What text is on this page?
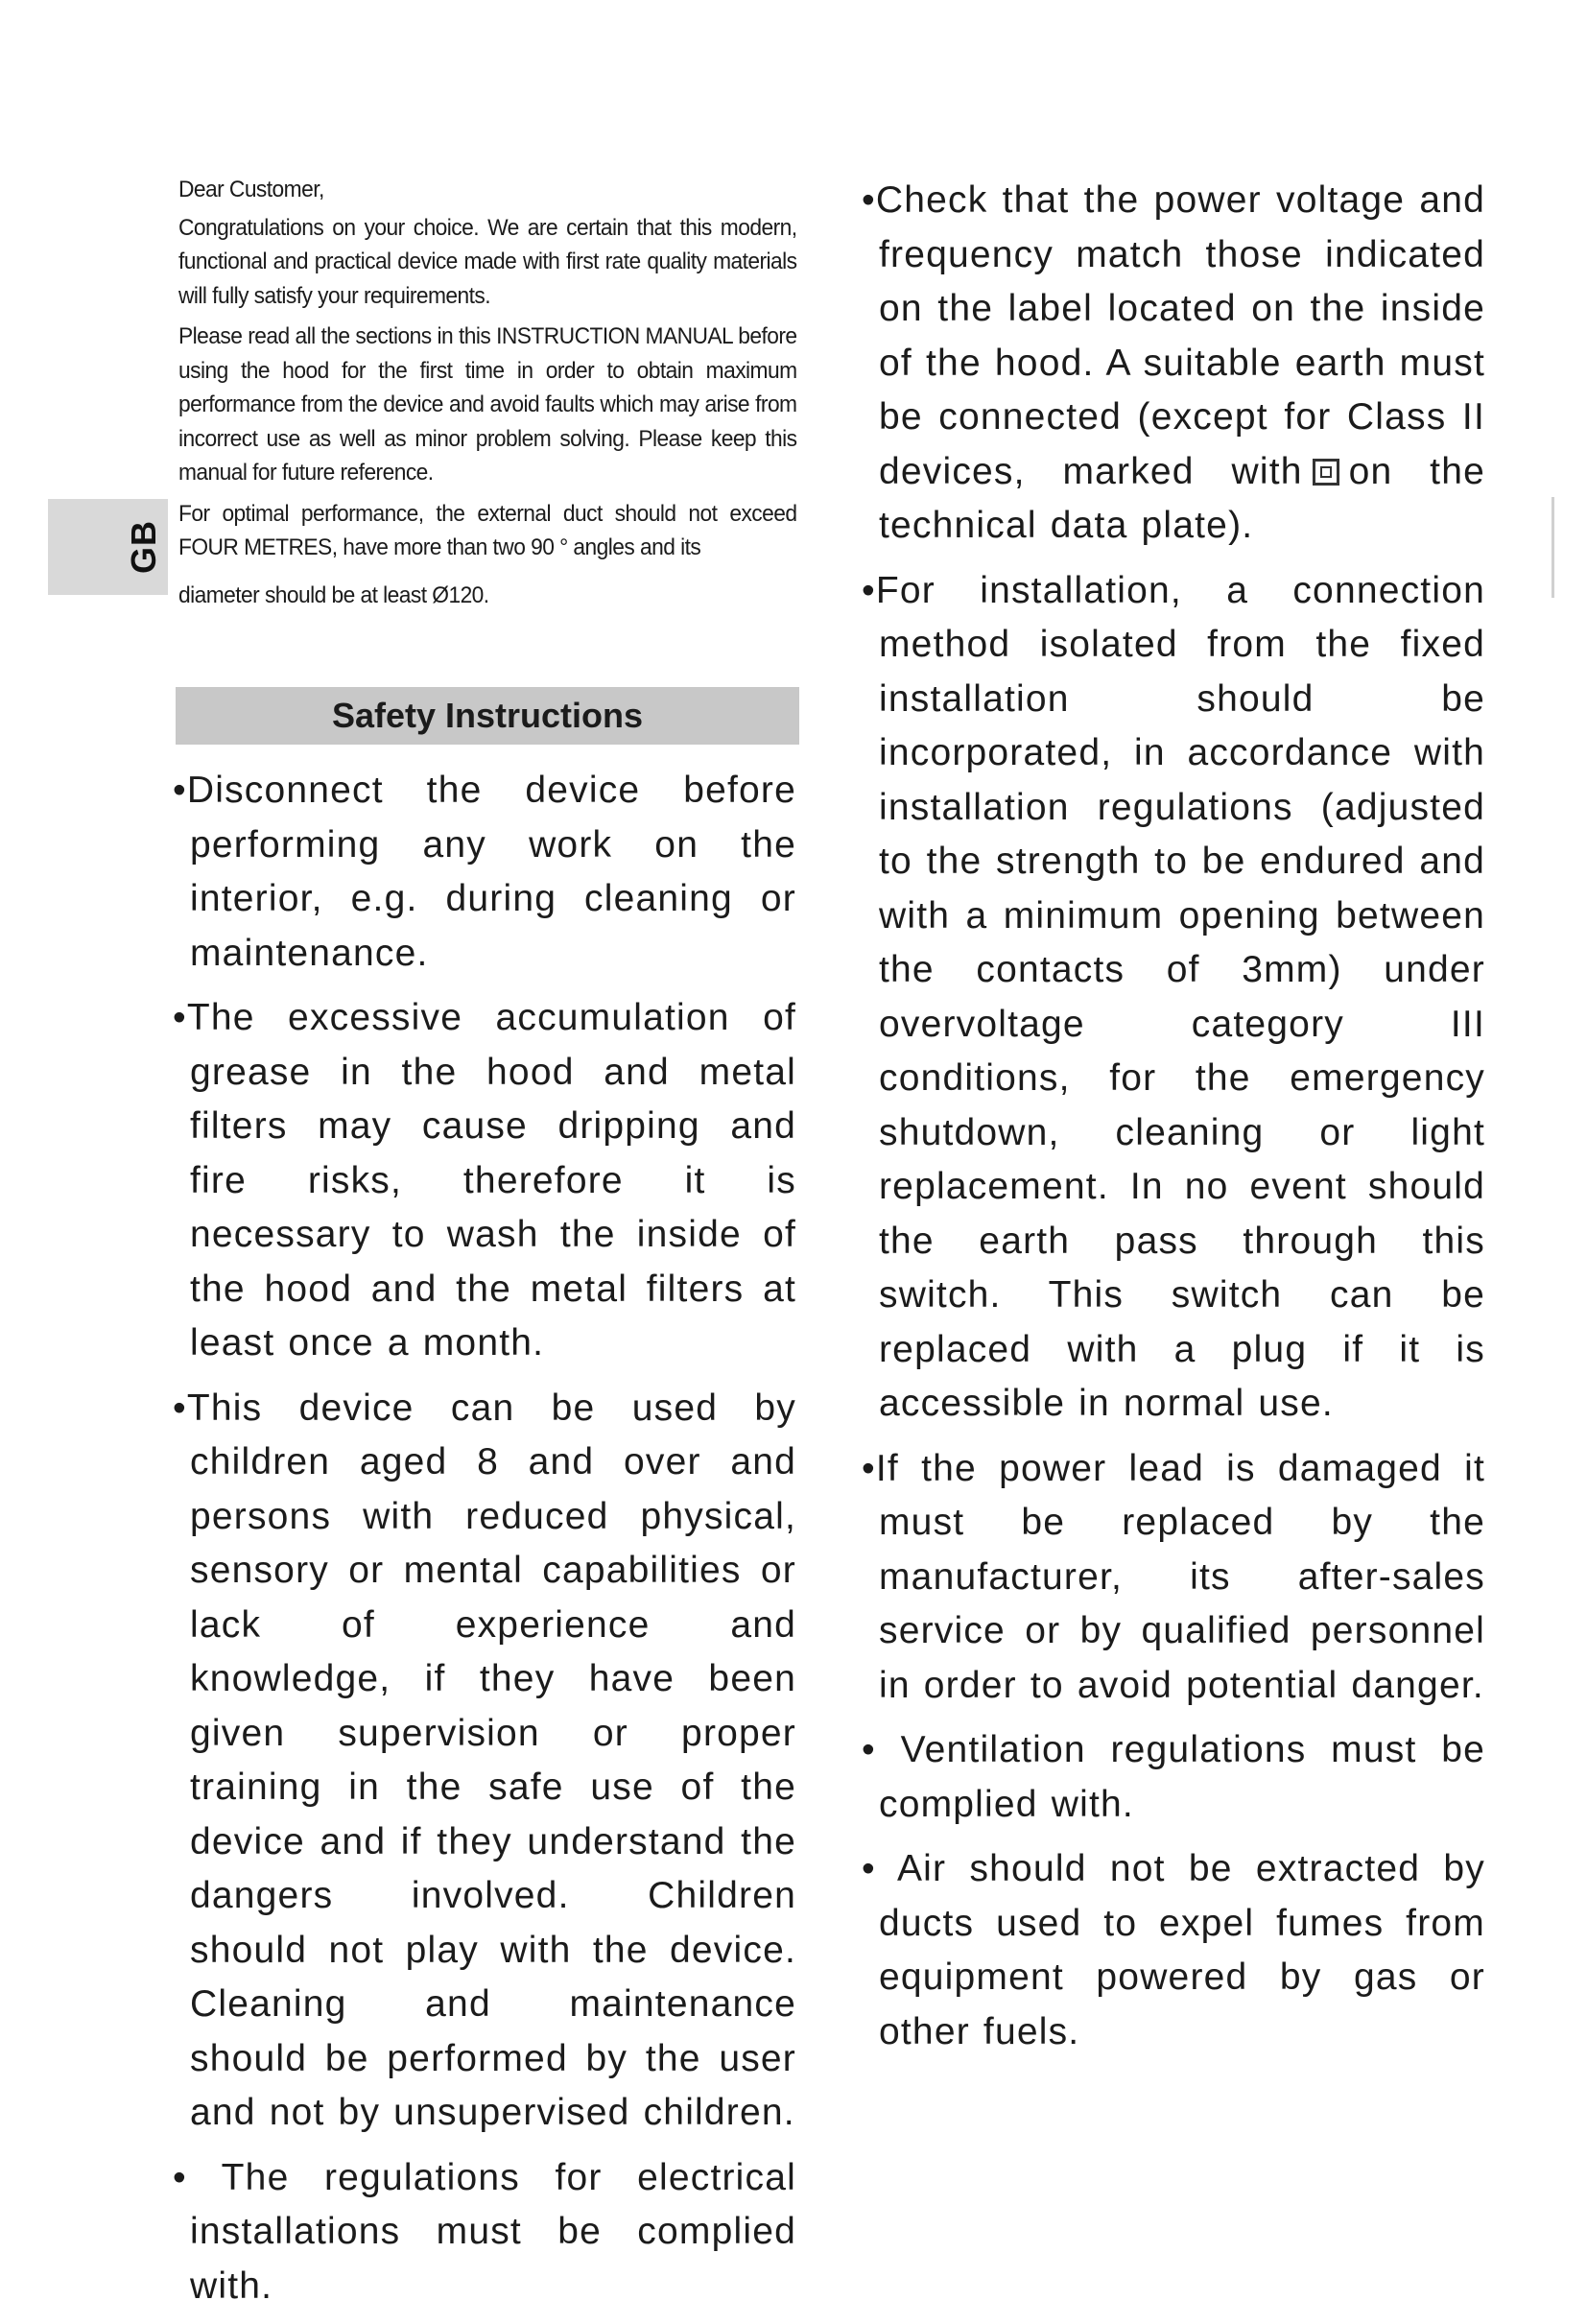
GB

Dear Customer,

Congratulations on your choice. We are certain that this modern, functional and practical device made with first rate quality materials will fully satisfy your requirements.

Please read all the sections in this INSTRUCTION MANUAL before using the hood for the first time in order to obtain maximum performance from the device and avoid faults which may arise from incorrect use as well as minor problem solving. Please keep this manual for future reference.

For optimal performance, the external duct should not exceed FOUR METRES, have more than two 90 ° angles and its

diameter should be at least Ø120.

Safety Instructions

•Disconnect the device before performing any work on the interior, e.g. during cleaning or maintenance.

•The excessive accumulation of grease in the hood and metal filters may cause dripping and fire risks, therefore it is necessary to wash the inside of the hood and the metal filters at least once a month.

•This device can be used by children aged 8 and over and persons with reduced physical, sensory or mental capabilities or lack of experience and knowledge, if they have been given supervision or proper training in the safe use of the device and if they understand the dangers involved. Children should not play with the device. Cleaning and maintenance should be performed by the user and not by unsupervised children.

• The regulations for electrical installations must be complied with.

•Check that the power voltage and frequency match those indicated on the label located on the inside of the hood. A suitable earth must be connected (except for Class II devices, marked with on the technical data plate).

•For installation, a connection method isolated from the fixed installation should be incorporated, in accordance with installation regulations (adjusted to the strength to be endured and with a minimum opening between the contacts of 3mm) under overvoltage category III conditions, for the emergency shutdown, cleaning or light replacement. In no event should the earth pass through this switch. This switch can be replaced with a plug if it is accessible in normal use.

•If the power lead is damaged it must be replaced by the manufacturer, its after-sales service or by qualified personnel in order to avoid potential danger.

• Ventilation regulations must be complied with.

• Air should not be extracted by ducts used to expel fumes from equipment powered by gas or other fuels.
